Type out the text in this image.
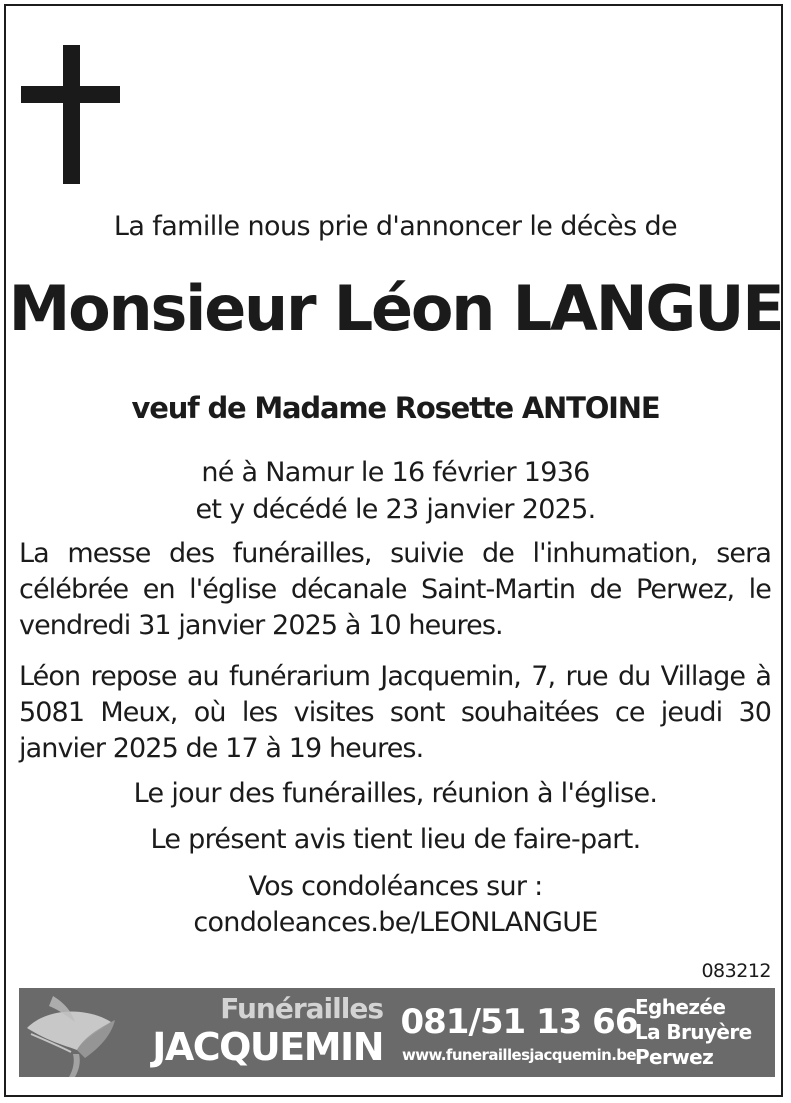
La famille nous prie d'annoncer le décès de
Monsieur Léon LANGUE
veuf de Madame Rosette ANTOINE
né à Namur le 16 février 1936
et y décédé le 23 janvier 2025.
La messe des funérailles, suivie de l'inhumation, sera célébrée en l'église décanale Saint-Martin de Perwez, le vendredi 31 janvier 2025 à 10 heures.
Léon repose au funérarium Jacquemin, 7, rue du Village à 5081 Meux, où les visites sont souhaitées ce jeudi 30 janvier 2025 de 17 à 19 heures.
Le jour des funérailles, réunion à l'église.
Le présent avis tient lieu de faire-part.
Vos condoléances sur :
condoleances.be/LEONLANGUE
083212
Funérailles
JACQUEMIN
081/51 13 66
www.funeraillesjacquemin.be
Eghezée
La Bruyère
Perwez
